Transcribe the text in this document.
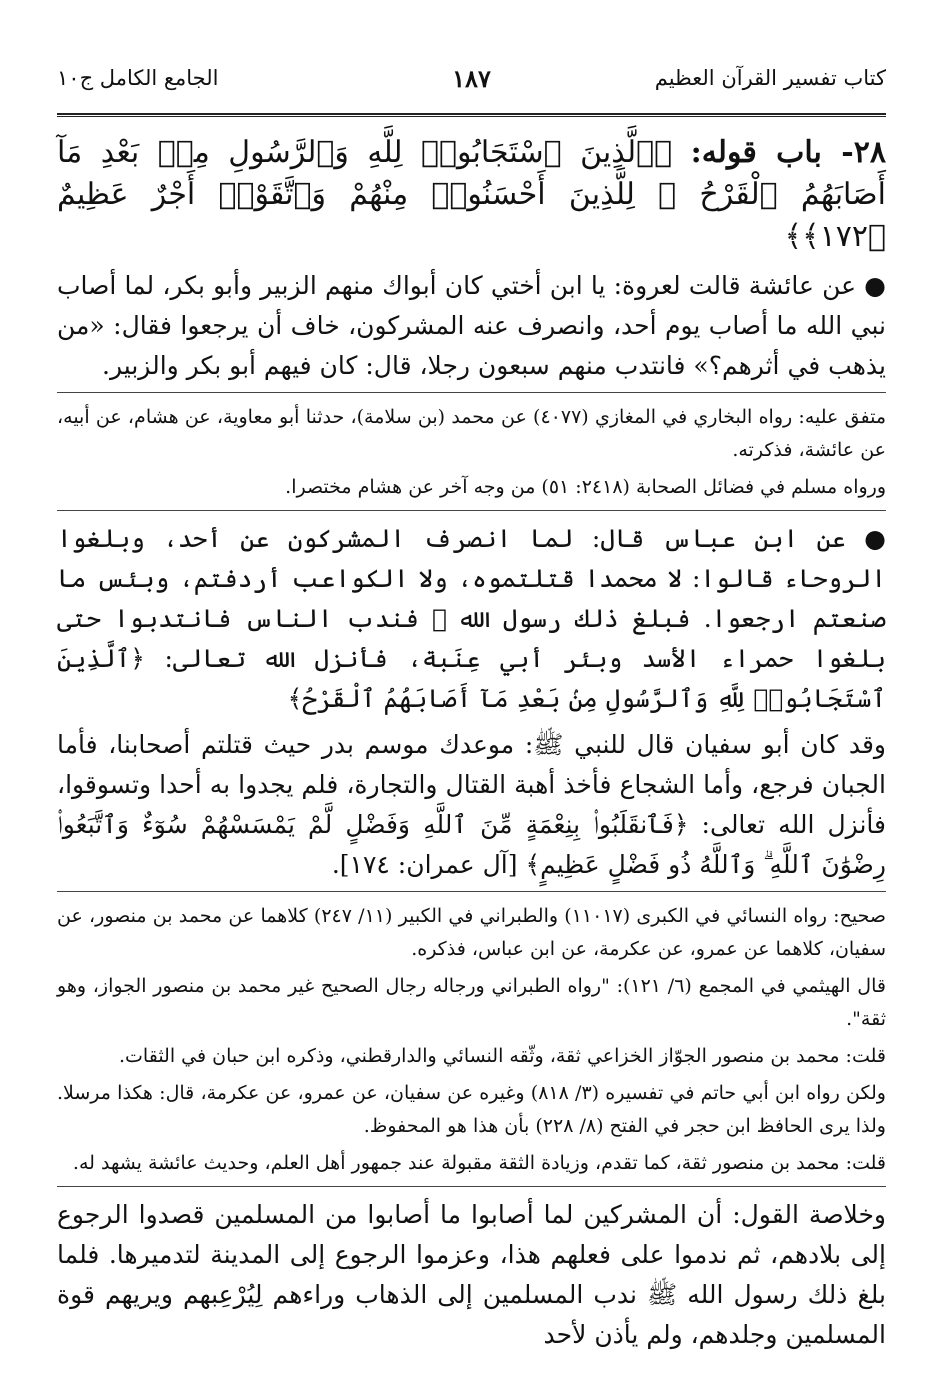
كتاب تفسير القرآن العظيم
١٨٧
الجامع الكامل ج١٠

٢٨- باب قوله: ﴿ٱلَّذِينَ ٱسْتَجَابُوا۟ لِلَّهِ وَٱلرَّسُولِ مِنۢ بَعْدِ مَآ أَصَابَهُمُ ٱلْقَرْحُ ۚ لِلَّذِينَ أَحْسَنُوا۟ مِنْهُمْ وَٱتَّقَوْا۟ أَجْرٌ عَظِيمٌ ﴿١٧٢﴾﴾

● عن عائشة قالت لعروة: يا ابن أختي كان أبواك منهم الزبير وأبو بكر، لما أصاب نبي الله ما أصاب يوم أحد، وانصرف عنه المشركون، خاف أن يرجعوا فقال: «من يذهب في أثرهم؟» فانتدب منهم سبعون رجلا، قال: كان فيهم أبو بكر والزبير.

متفق عليه: رواه البخاري في المغازي (٤٠٧٧) عن محمد (بن سلامة)، حدثنا أبو معاوية، عن هشام، عن أبيه، عن عائشة، فذكرته.

ورواه مسلم في فضائل الصحابة (٢٤١٨: ٥١) من وجه آخر عن هشام مختصرا.

● عن ابن عباس قال: لما انصرف المشركون عن أحد، وبلغوا الروحاء قالوا: لا محمدا قتلتموه، ولا الكواعب أردفتم، وبئس ما صنعتم ارجعوا. فبلغ ذلك رسول الله ﷺ فندب الناس فانتدبوا حتى بلغوا حمراء الأسد وبئر أبي عِنَبة، فأنزل الله تعالى: ﴿ٱلَّذِينَ ٱسْتَجَابُوا۟ لِلَّهِ وَٱلرَّسُولِ مِنۢ بَعْدِ مَآ أَصَابَهُمُ ٱلْقَرْحُ﴾

وقد كان أبو سفيان قال للنبي ﷺ: موعدك موسم بدر حيث قتلتم أصحابنا، فأما الجبان فرجع، وأما الشجاع فأخذ أهبة القتال والتجارة، فلم يجدوا به أحدا وتسوقوا، فأنزل الله تعالى: ﴿فَٱنقَلَبُوا۟ بِنِعْمَةٍ مِّنَ ٱللَّهِ وَفَضْلٍ لَّمْ يَمْسَسْهُمْ سُوٓءٌ وَٱتَّبَعُوا۟ رِضْوَٰنَ ٱللَّهِ ۗ وَٱللَّهُ ذُو فَضْلٍ عَظِيمٍ﴾ [آل عمران: ١٧٤].

صحيح: رواه النسائي في الكبرى (١١٠١٧) والطبراني في الكبير (١١/ ٢٤٧) كلاهما عن محمد بن منصور، عن سفيان، كلاهما عن عمرو، عن عكرمة، عن ابن عباس، فذكره.

قال الهيثمي في المجمع (٦/ ١٢١): "رواه الطبراني ورجاله رجال الصحيح غير محمد بن منصور الجواز، وهو ثقة".

قلت: محمد بن منصور الجوّاز الخزاعي ثقة، وثّقه النسائي والدارقطني، وذكره ابن حبان في الثقات.

ولكن رواه ابن أبي حاتم في تفسيره (٣/ ٨١٨) وغيره عن سفيان، عن عمرو، عن عكرمة، قال: هكذا مرسلا. ولذا يرى الحافظ ابن حجر في الفتح (٨/ ٢٢٨) بأن هذا هو المحفوظ.

قلت: محمد بن منصور ثقة، كما تقدم، وزيادة الثقة مقبولة عند جمهور أهل العلم، وحديث عائشة يشهد له.

وخلاصة القول: أن المشركين لما أصابوا ما أصابوا من المسلمين قصدوا الرجوع إلى بلادهم، ثم ندموا على فعلهم هذا، وعزموا الرجوع إلى المدينة لتدميرها. فلما بلغ ذلك رسول الله ﷺ ندب المسلمين إلى الذهاب وراءهم لِيُرْعِبهم ويريهم قوة المسلمين وجلدهم، ولم يأذن لأحد
